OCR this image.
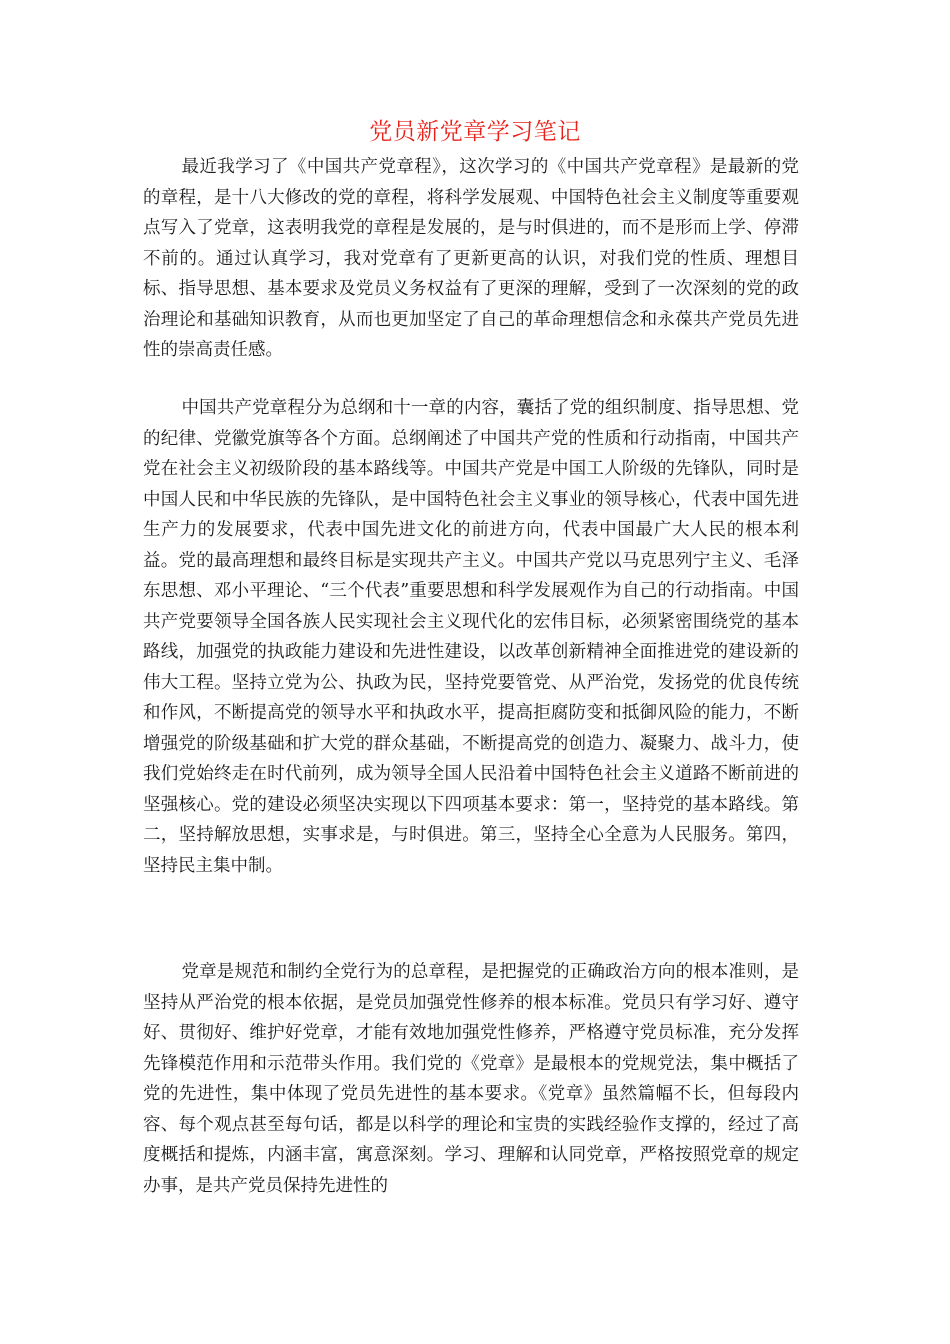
党员新党章学习笔记

最近我学习了《中国共产党章程》，这次学习的《中国共产党章程》是最新的党的章程，是十八大修改的党的章程，将科学发展观、中国特色社会主义制度等重要观点写入了党章，这表明我党的章程是发展的，是与时俱进的，而不是形而上学、停滞不前的。通过认真学习，我对党章有了更新更高的认识，对我们党的性质、理想目标、指导思想、基本要求及党员义务权益有了更深的理解，受到了一次深刻的党的政治理论和基础知识教育，从而也更加坚定了自己的革命理想信念和永葆共产党员先进性的崇高责任感。

中国共产党章程分为总纲和十一章的内容，囊括了党的组织制度、指导思想、党的纪律、党徽党旗等各个方面。总纲阐述了中国共产党的性质和行动指南，中国共产党在社会主义初级阶段的基本路线等。中国共产党是中国工人阶级的先锋队，同时是中国人民和中华民族的先锋队，是中国特色社会主义事业的领导核心，代表中国先进生产力的发展要求，代表中国先进文化的前进方向，代表中国最广大人民的根本利益。党的最高理想和最终目标是实现共产主义。中国共产党以马克思列宁主义、毛泽东思想、邓小平理论、“三个代表”重要思想和科学发展观作为自己的行动指南。中国共产党要领导全国各族人民实现社会主义现代化的宏伟目标，必须紧密围绕党的基本路线，加强党的执政能力建设和先进性建设，以改革创新精神全面推进党的建设新的伟大工程。坚持立党为公、执政为民，坚持党要管党、从严治党，发扬党的优良传统和作风，不断提高党的领导水平和执政水平，提高拒腐防变和抵御风险的能力，不断增强党的阶级基础和扩大党的群众基础，不断提高党的创造力、凝聚力、战斗力，使我们党始终走在时代前列，成为领导全国人民沿着中国特色社会主义道路不断前进的坚强核心。党的建设必须坚决实现以下四项基本要求：第一，坚持党的基本路线。第二，坚持解放思想，实事求是，与时俱进。第三，坚持全心全意为人民服务。第四，坚持民主集中制。

党章是规范和制约全党行为的总章程，是把握党的正确政治方向的根本准则，是坚持从严治党的根本依据，是党员加强党性修养的根本标准。党员只有学习好、遵守好、贯彻好、维护好党章，才能有效地加强党性修养，严格遵守党员标准，充分发挥先锋模范作用和示范带头作用。我们党的《党章》是最根本的党规党法，集中概括了党的先进性，集中体现了党员先进性的基本要求。《党章》虽然篇幅不长，但每段内容、每个观点甚至每句话，都是以科学的理论和宝贵的实践经验作支撑的，经过了高度概括和提炼，内涵丰富，寓意深刻。学习、理解和认同党章，严格按照党章的规定办事，是共产党员保持先进性的
